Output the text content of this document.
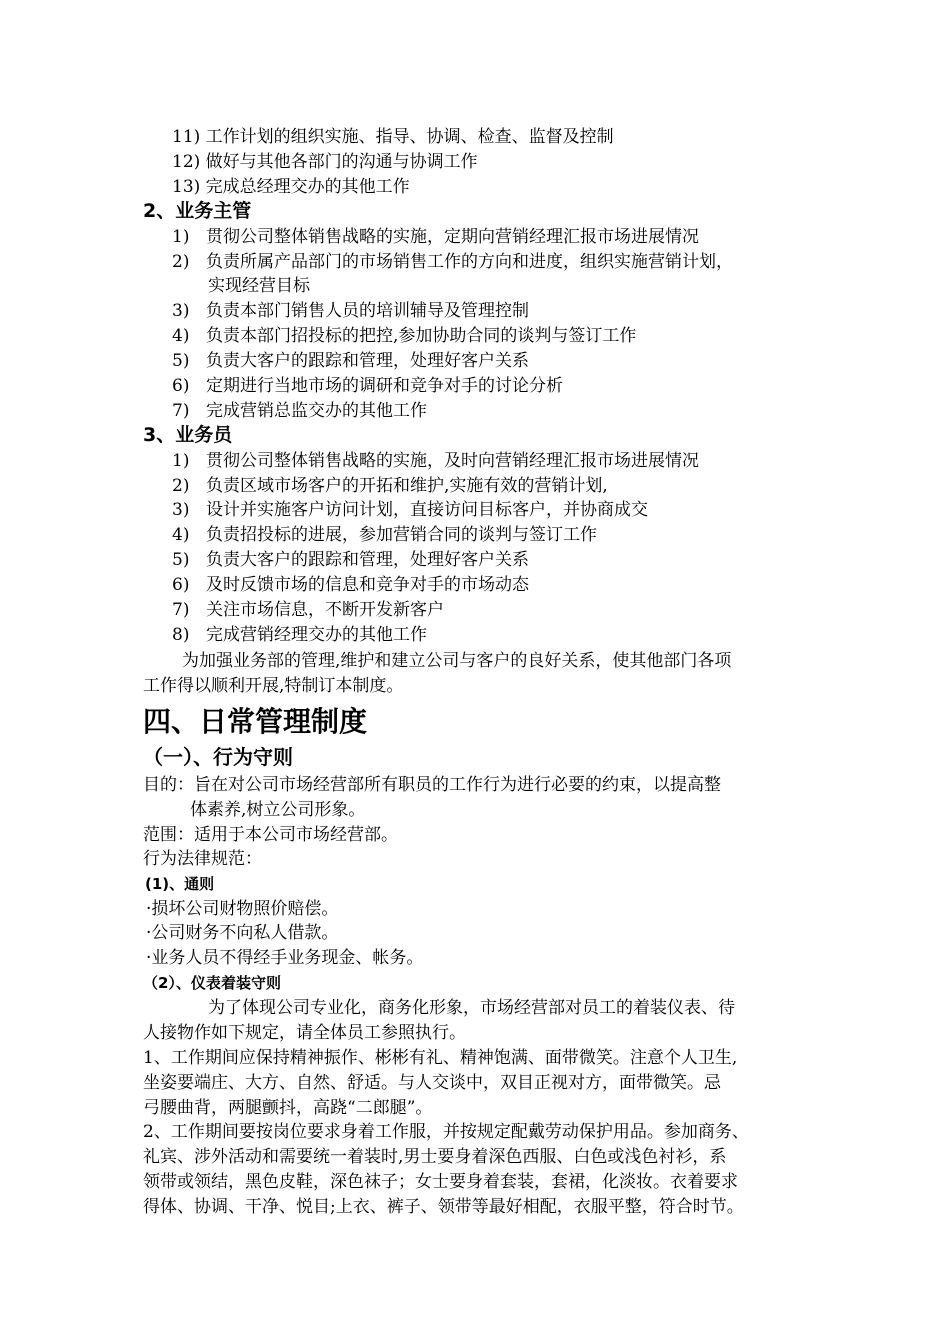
11) 工作计划的组织实施、指导、协调、检查、监督及控制
12) 做好与其他各部门的沟通与协调工作
13) 完成总经理交办的其他工作
2、业务主管
1) 贯彻公司整体销售战略的实施，定期向营销经理汇报市场进展情况
2) 负责所属产品部门的市场销售工作的方向和进度，组织实施营销计划，
实现经营目标
3) 负责本部门销售人员的培训辅导及管理控制
4) 负责本部门招投标的把控,参加协助合同的谈判与签订工作
5) 负责大客户的跟踪和管理，处理好客户关系
6) 定期进行当地市场的调研和竞争对手的讨论分析
7) 完成营销总监交办的其他工作
3、业务员
1) 贯彻公司整体销售战略的实施，及时向营销经理汇报市场进展情况
2) 负责区域市场客户的开拓和维护,实施有效的营销计划,
3) 设计并实施客户访问计划，直接访问目标客户，并协商成交
4) 负责招投标的进展，参加营销合同的谈判与签订工作
5) 负责大客户的跟踪和管理，处理好客户关系
6) 及时反馈市场的信息和竞争对手的市场动态
7) 关注市场信息，不断开发新客户
8) 完成营销经理交办的其他工作
为加强业务部的管理,维护和建立公司与客户的良好关系，使其他部门各项
工作得以顺利开展,特制订本制度。
四、日常管理制度
（一）、行为守则
目的：旨在对公司市场经营部所有职员的工作行为进行必要的约束，以提高整
体素养,树立公司形象。
范围：适用于本公司市场经营部。
行为法律规范：
(1)、通则
·损坏公司财物照价赔偿。
·公司财务不向私人借款。
·业务人员不得经手业务现金、帐务。
（2）、仪表着装守则
为了体现公司专业化，商务化形象，市场经营部对员工的着装仪表、待
人接物作如下规定，请全体员工参照执行。
1、工作期间应保持精神振作、彬彬有礼、精神饱满、面带微笑。注意个人卫生,
坐姿要端庄、大方、自然、舒适。与人交谈中，双目正视对方，面带微笑。忌
弓腰曲背，两腿颤抖，高跷“二郎腿”。
2、工作期间要按岗位要求身着工作服，并按规定配戴劳动保护用品。参加商务、
礼宾、涉外活动和需要统一着装时,男士要身着深色西服、白色或浅色衬衫，系
领带或领结，黑色皮鞋，深色袜子；女士要身着套装，套裙，化淡妆。衣着要求
得体、协调、干净、悦目;上衣、裤子、领带等最好相配，衣服平整，符合时节。
